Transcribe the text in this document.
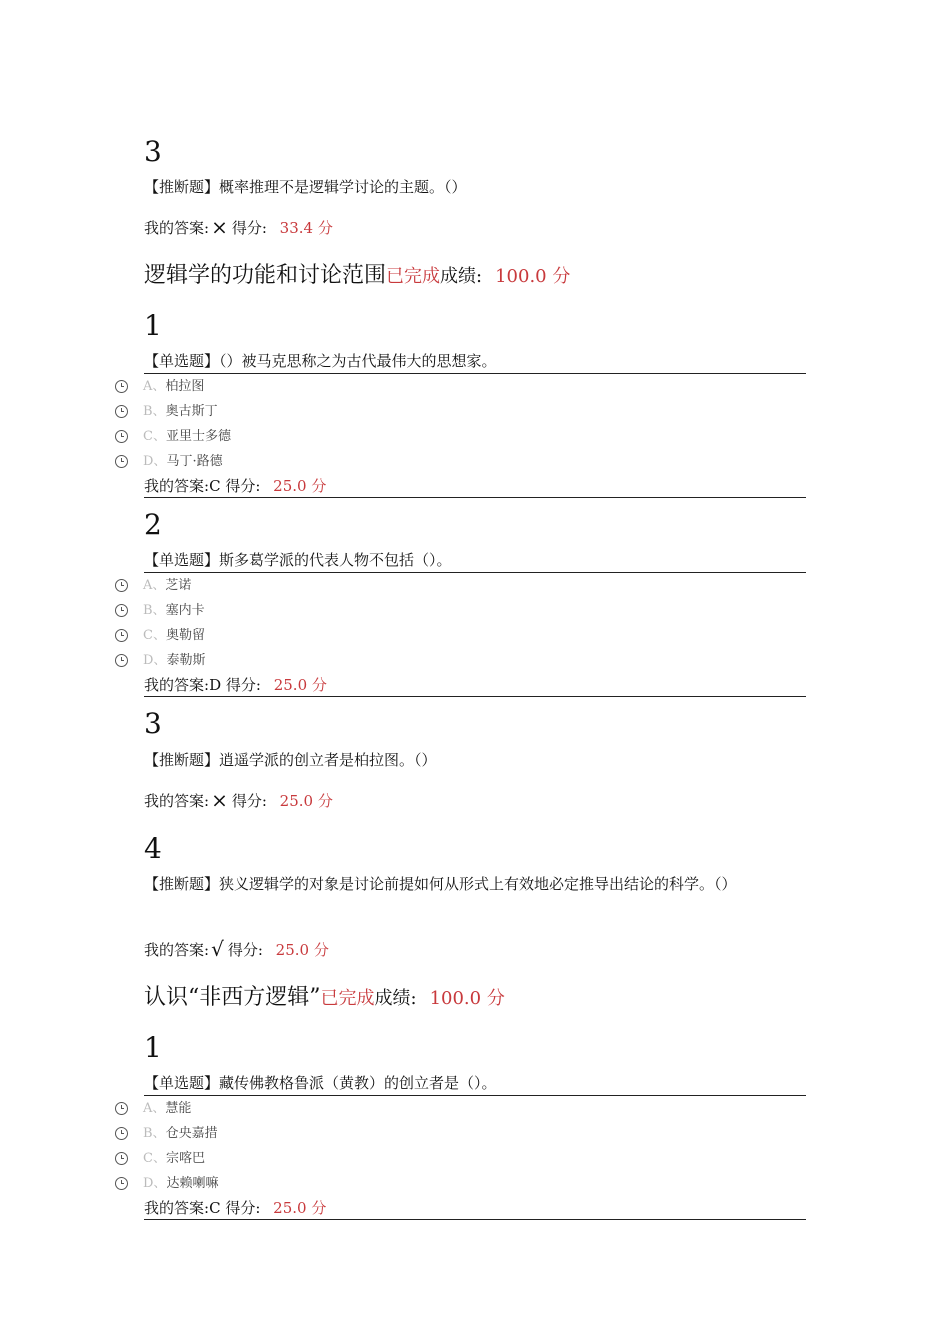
3
【推断题】概率推理不是逻辑学讨论的主题。（）
我的答案: × 得分: 33.4 分
逻辑学的功能和讨论范围已完成成绩: 100.0 分
1
【单选题】（）被马克思称之为古代最伟大的思想家。
A、柏拉图
B、奥古斯丁
C、亚里士多德
D、马丁·路德
我的答案:C 得分: 25.0 分
2
【单选题】斯多葛学派的代表人物不包括（）。
A、芝诺
B、塞内卡
C、奥勒留
D、泰勒斯
我的答案:D 得分: 25.0 分
3
【推断题】逍遥学派的创立者是柏拉图。（）
我的答案: × 得分: 25.0 分
4
【推断题】狭义逻辑学的对象是讨论前提如何从形式上有效地必定推导出结论的科学。（）
我的答案: √ 得分: 25.0 分
认识“非西方逻辑”已完成成绩: 100.0 分
1
【单选题】藏传佛教格鲁派（黄教）的创立者是（）。
A、慧能
B、仓央嘉措
C、宗喀巴
D、达赖喇嘛
我的答案:C 得分: 25.0 分
